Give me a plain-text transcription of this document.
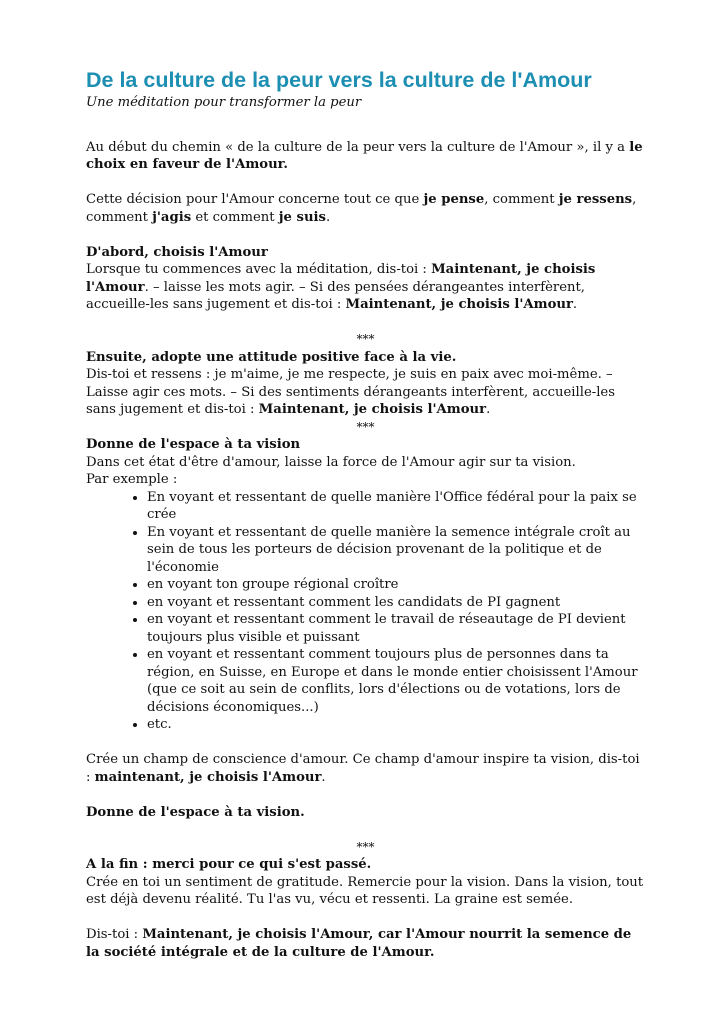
De la culture de la peur vers la culture de l'Amour

Une méditation pour transformer la peur

Au début du chemin « de la culture de la peur vers la culture de l'Amour », il y a le choix en faveur de l'Amour.

Cette décision pour l'Amour concerne tout ce que je pense, comment je ressens, comment j'agis et comment je suis.

D'abord, choisis l'Amour

Lorsque tu commences avec la méditation, dis-toi : Maintenant, je choisis l'Amour. – laisse les mots agir. – Si des pensées dérangeantes interfèrent, accueille-les sans jugement et dis-toi : Maintenant, je choisis l'Amour.

***

Ensuite, adopte une attitude positive face à la vie.

Dis-toi et ressens : je m'aime, je me respecte, je suis en paix avec moi-même. – Laisse agir ces mots. – Si des sentiments dérangeants interfèrent, accueille-les sans jugement et dis-toi : Maintenant, je choisis l'Amour.

***

Donne de l'espace à ta vision

Dans cet état d'être d'amour, laisse la force de l'Amour agir sur ta vision.

Par exemple :

• En voyant et ressentant de quelle manière l'Office fédéral pour la paix se crée
• En voyant et ressentant de quelle manière la semence intégrale croît au sein de tous les porteurs de décision provenant de la politique et de l'économie
• en voyant ton groupe régional croître
• en voyant et ressentant comment les candidats de PI gagnent
• en voyant et ressentant comment le travail de réseautage de PI devient toujours plus visible et puissant
• en voyant et ressentant comment toujours plus de personnes dans ta région, en Suisse, en Europe et dans le monde entier choisissent l'Amour (que ce soit au sein de conflits, lors d'élections ou de votations, lors de décisions économiques...)
• etc.

Crée un champ de conscience d'amour. Ce champ d'amour inspire ta vision, dis-toi : maintenant, je choisis l'Amour.

Donne de l'espace à ta vision.

***

A la fin : merci pour ce qui s'est passé.

Crée en toi un sentiment de gratitude. Remercie pour la vision. Dans la vision, tout est déjà devenu réalité. Tu l'as vu, vécu et ressenti. La graine est semée.

Dis-toi : Maintenant, je choisis l'Amour, car l'Amour nourrit la semence de la société intégrale et de la culture de l'Amour.
